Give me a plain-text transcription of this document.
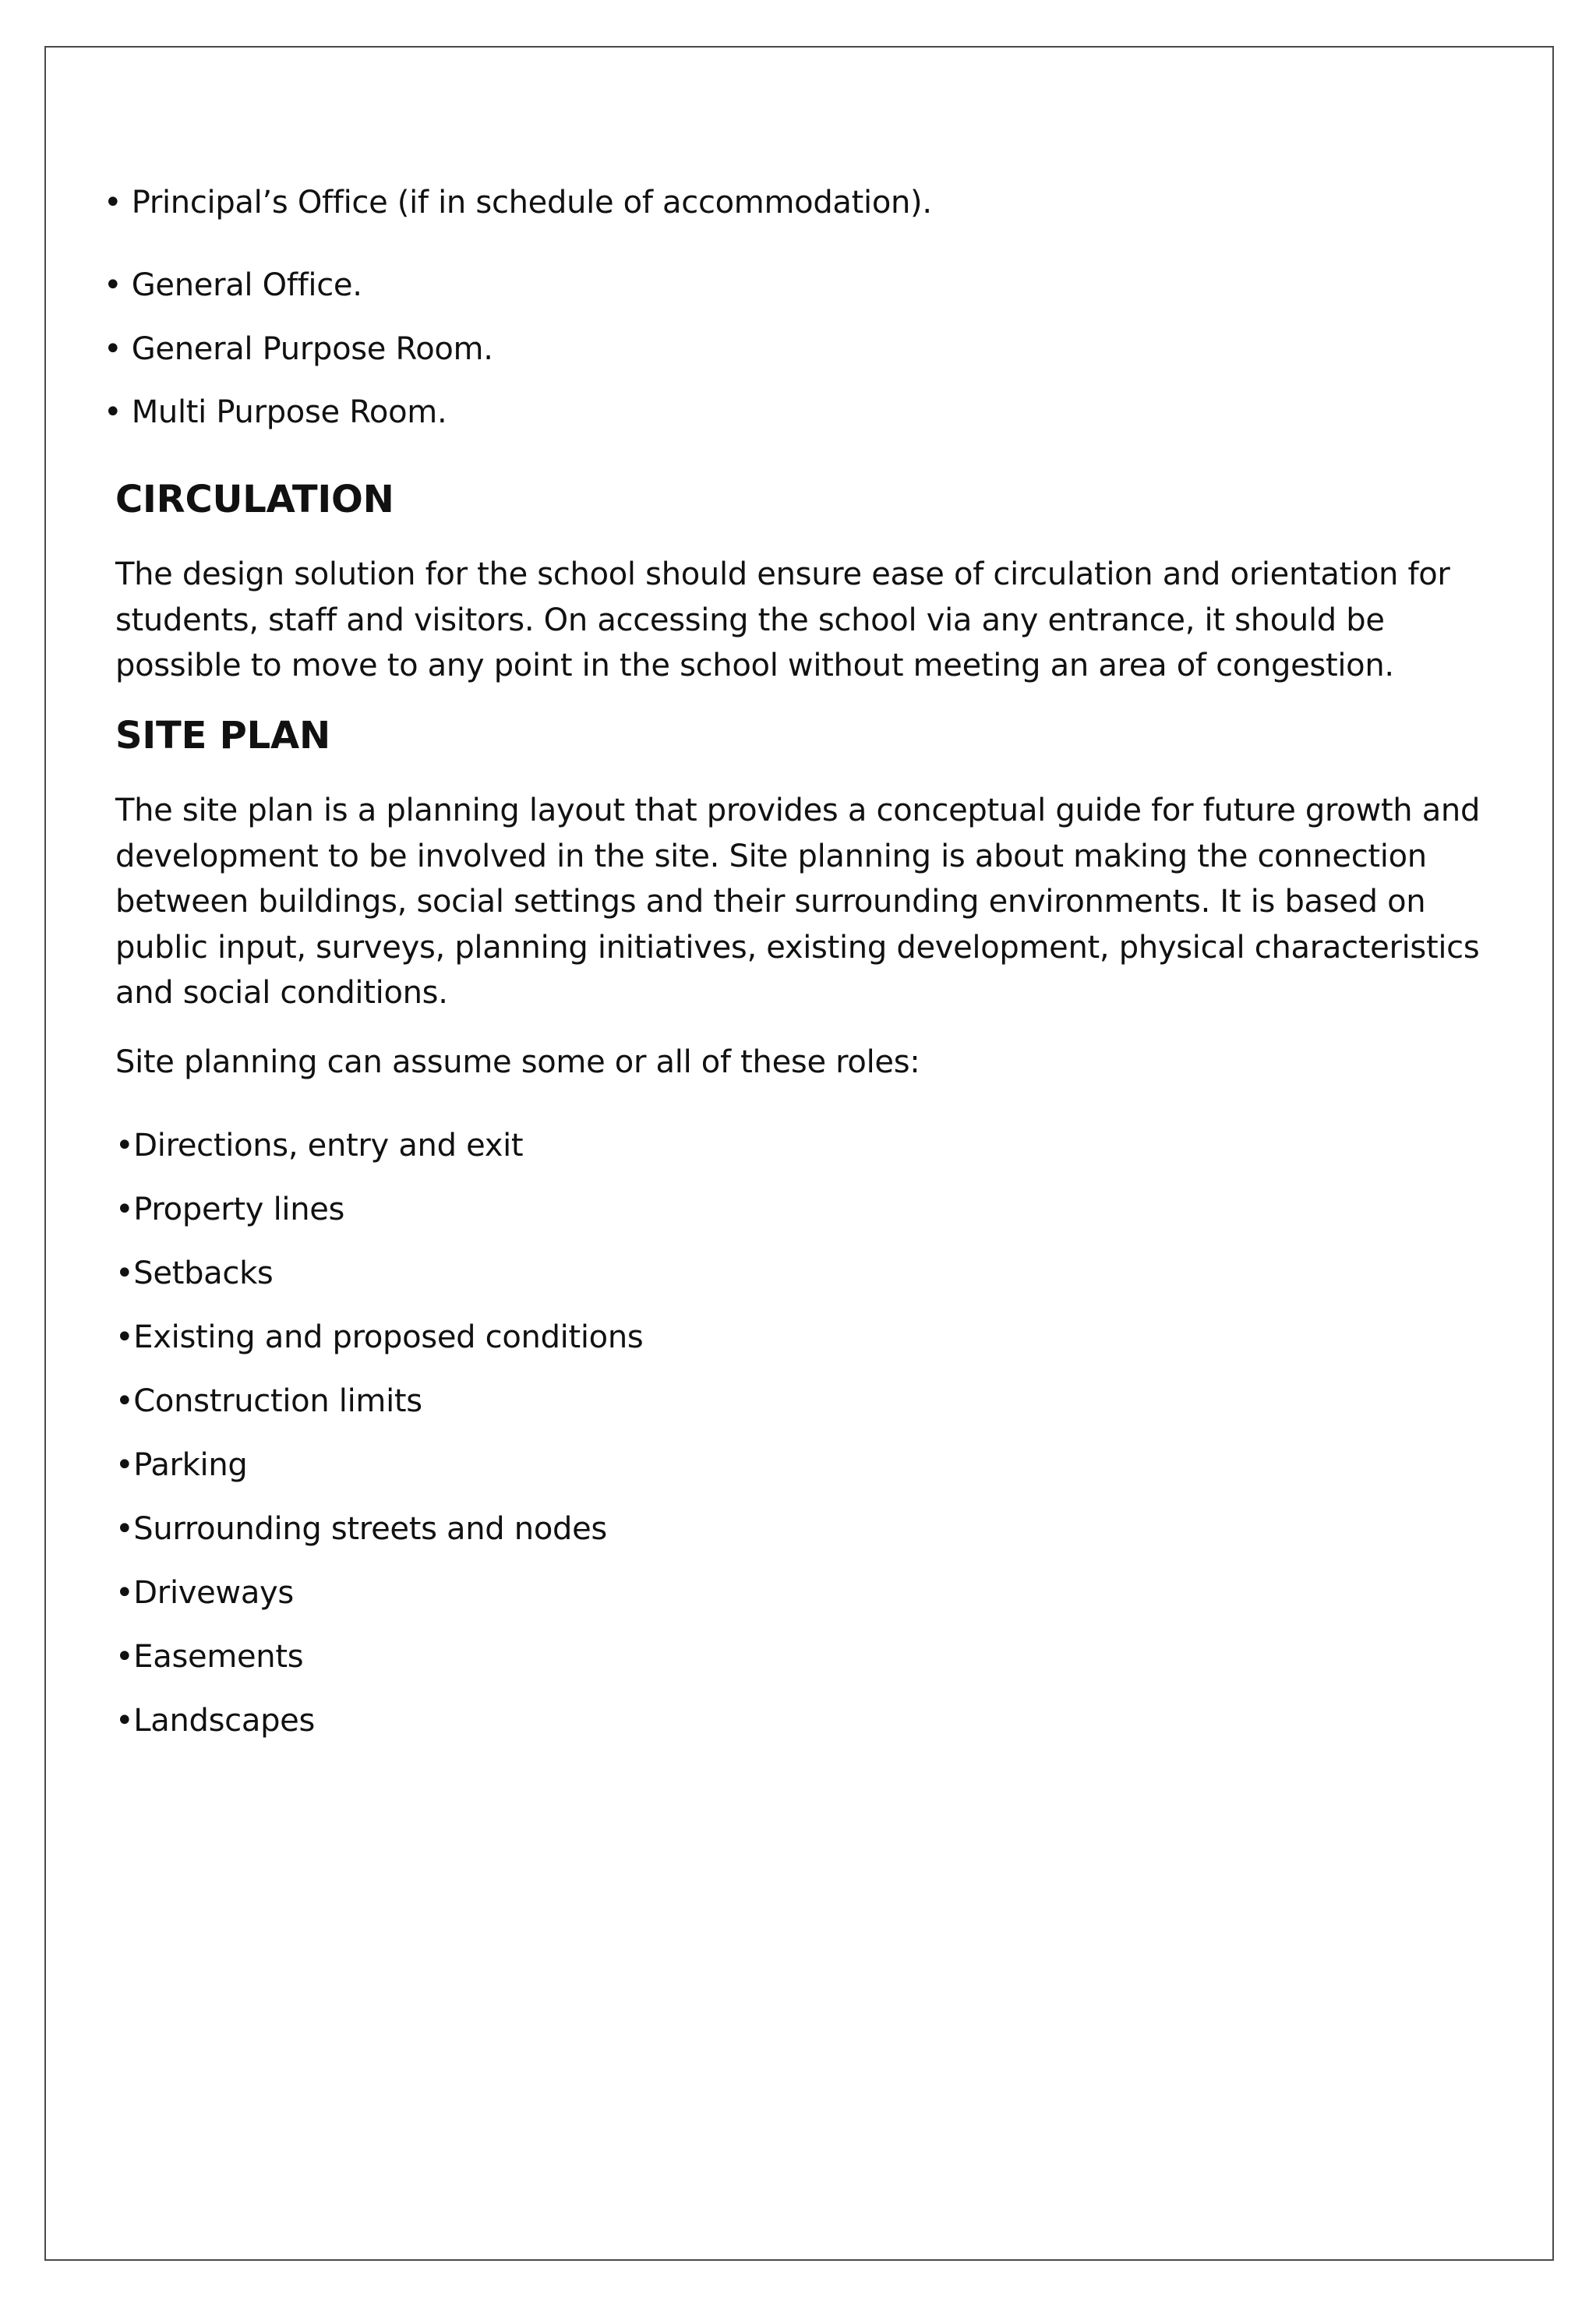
• Principal’s Office (if in schedule of accommodation).
• General Office.
• General Purpose Room.
• Multi Purpose Room.
CIRCULATION

The design solution for the school should ensure ease of circulation and orientation for students, staff and visitors. On accessing the school via any entrance, it should be possible to move to any point in the school without meeting an area of congestion.

SITE PLAN

The site plan is a planning layout that provides a conceptual guide for future growth and development to be involved in the site. Site planning is about making the connection between buildings, social settings and their surrounding environments. It is based on public input, surveys, planning initiatives, existing development, physical characteristics and social conditions.

Site planning can assume some or all of these roles:
•Directions, entry and exit
•Property lines
•Setbacks
•Existing and proposed conditions
•Construction limits
•Parking
•Surrounding streets and nodes
•Driveways
•Easements
•Landscapes
